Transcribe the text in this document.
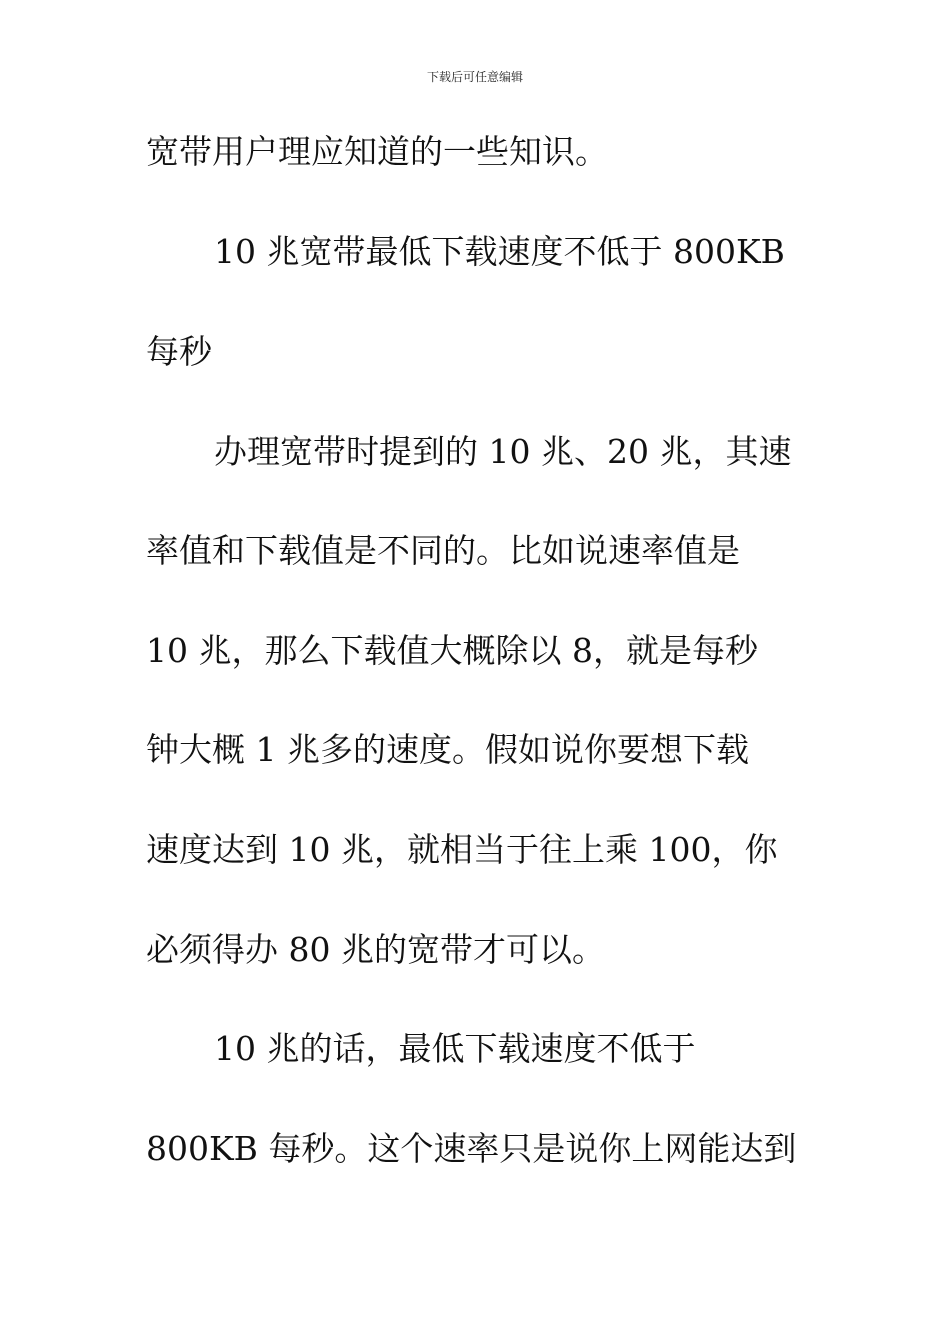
下载后可任意编辑
宽带用户理应知道的一些知识。
10 兆宽带最低下载速度不低于 800KB
每秒
办理宽带时提到的 10 兆、20 兆，其速
率值和下载值是不同的。比如说速率值是
10 兆，那么下载值大概除以 8，就是每秒
钟大概 1 兆多的速度。假如说你要想下载
速度达到 10 兆，就相当于往上乘 100，你
必须得办 80 兆的宽带才可以。
10 兆的话，最低下载速度不低于
800KB 每秒。这个速率只是说你上网能达到
